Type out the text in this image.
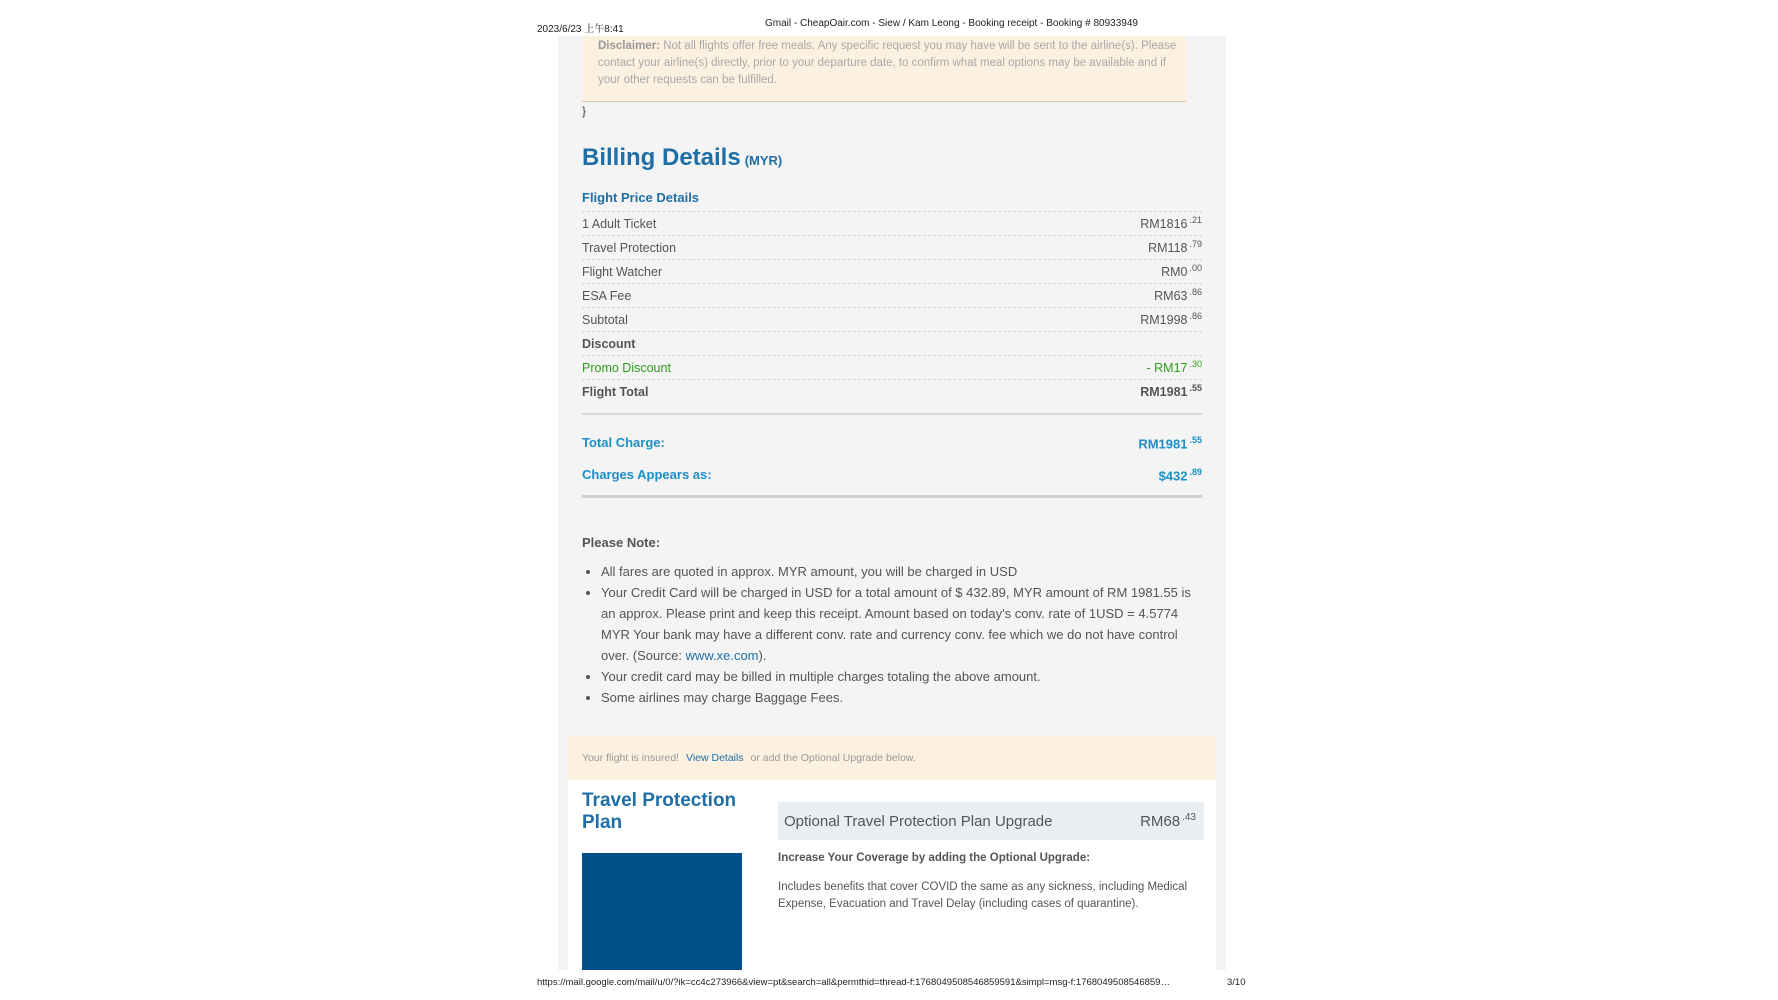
2023/6/23 上午8:41
Gmail - CheapOair.com - Siew / Kam Leong - Booking receipt - Booking # 80933949
Disclaimer: Not all flights offer free meals. Any specific request you may have will be sent to the airline(s). Please contact your airline(s) directly, prior to your departure date, to confirm what meal options may be available and if your other requests can be fulfilled.
}
Billing Details (MYR)
Flight Price Details
1 Adult Ticket	RM1816 $^{.21}$
Travel Protection	RM118 $^{.79}$
Flight Watcher	RM0 $^{.00}$
ESA Fee	RM63 $^{.86}$
Subtotal	RM1998 $^{.86}$
Discount
Promo Discount	- RM17 $^{.30}$
Flight Total	RM1981 $^{.55}$
Total Charge:	RM1981 $^{.55}$
Charges Appears as:	$432 $^{.89}$
Please Note:
• All fares are quoted in approx. MYR amount, you will be charged in USD
• Your Credit Card will be charged in USD for a total amount of $ 432.89, MYR amount of RM 1981.55 is an approx. Please print and keep this receipt. Amount based on today's conv. rate of 1USD = 4.5774 MYR Your bank may have a different conv. rate and currency conv. fee which we do not have control over. (Source: www.xe.com).
• Your credit card may be billed in multiple charges totaling the above amount.
• Some airlines may charge Baggage Fees.
Your flight is insured! View Details or add the Optional Upgrade below.
Travel Protection Plan	Optional Travel Protection Plan Upgrade	RM68 $^{.43}$
Increase Your Coverage by adding the Optional Upgrade:
Includes benefits that cover COVID the same as any sickness, including Medical Expense, Evacuation and Travel Delay (including cases of quarantine).
https://mail.google.com/mail/u/0/?ik=cc4c273966&view=pt&search=all&permthid=thread-f:1768049508546859591&simpl=msg-f:1768049508546859…	3/10
